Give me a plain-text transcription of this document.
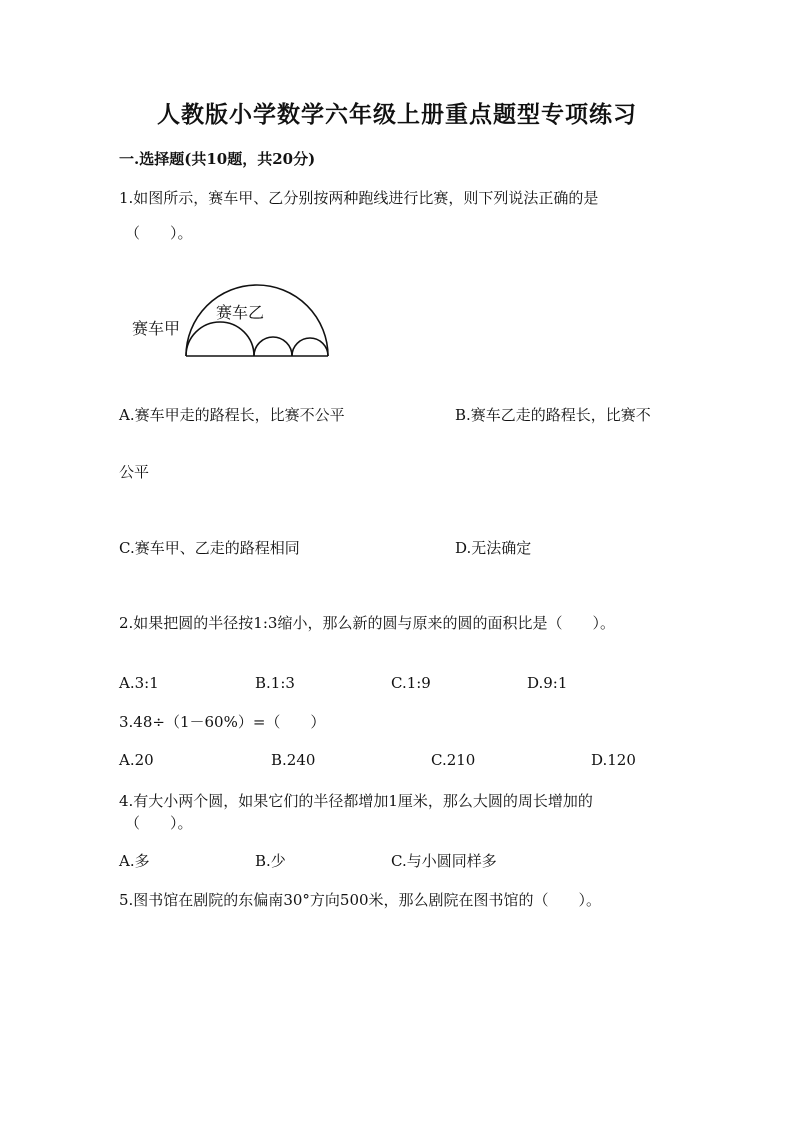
人教版小学数学六年级上册重点题型专项练习
一.选择题(共10题，共20分)
1.如图所示，赛车甲、乙分别按两种跑线进行比赛，则下列说法正确的是
（　　）。
赛车甲
赛车乙
A.赛车甲走的路程长，比赛不公平	B.赛车乙走的路程长，比赛不
公平
C.赛车甲、乙走的路程相同	D.无法确定
2.如果把圆的半径按1:3缩小，那么新的圆与原来的圆的面积比是（　　）。
A.3:1	B.1:3	C.1:9	D.9:1
3.48÷（1－60%）=（　　）
A.20	B.240	C.210	D.120
4.有大小两个圆，如果它们的半径都增加1厘米，那么大圆的周长增加的
（　　）。
A.多	B.少	C.与小圆同样多
5.图书馆在剧院的东偏南30°方向500米，那么剧院在图书馆的（　　）。
